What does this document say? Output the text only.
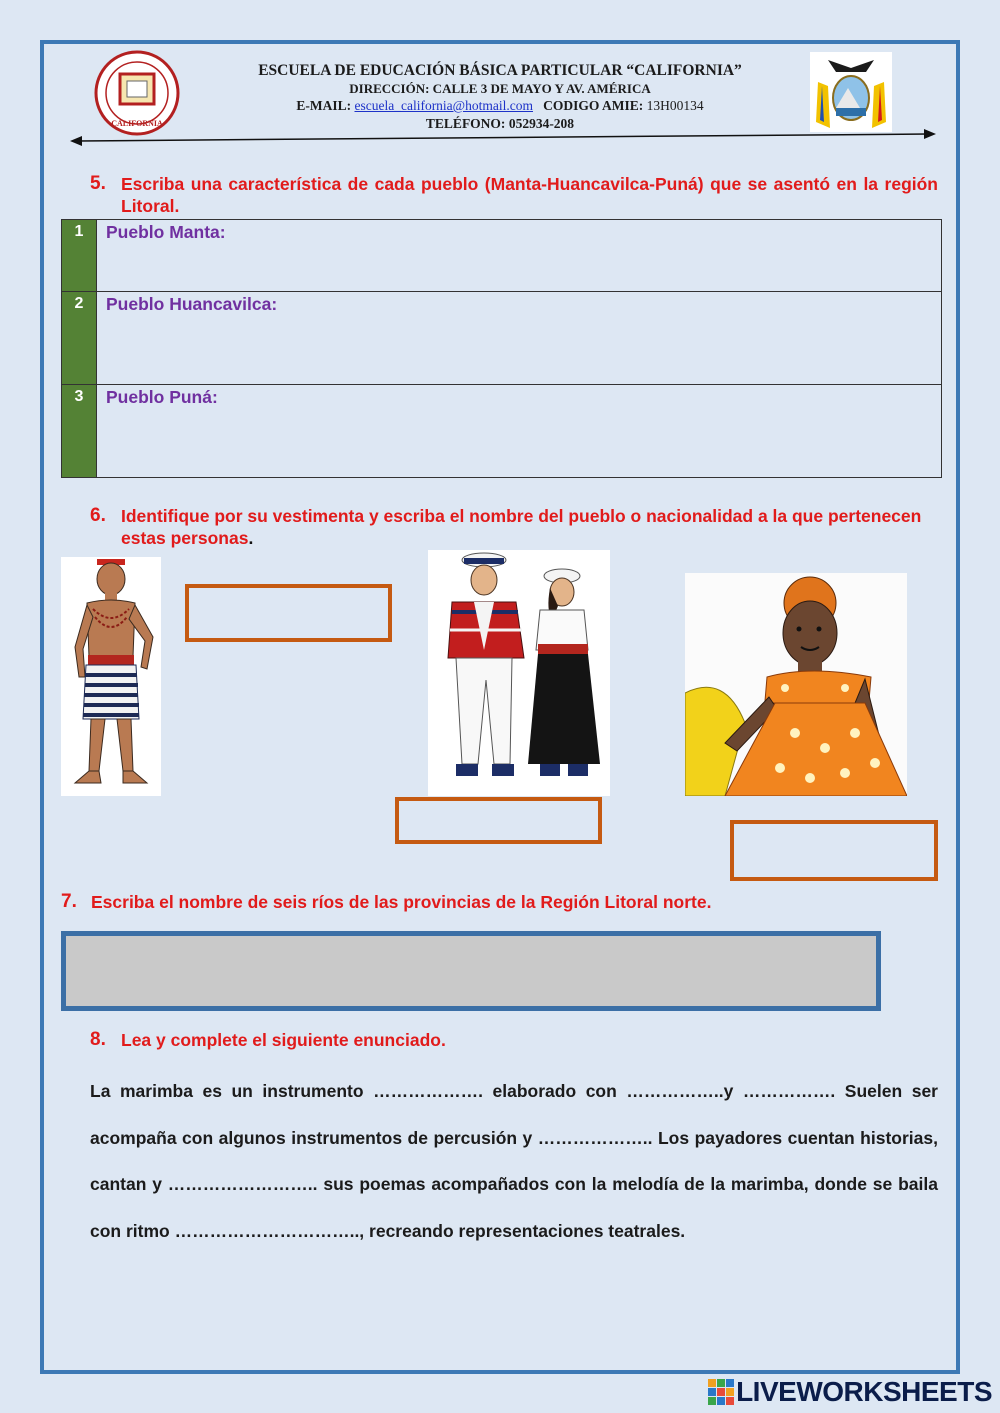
CALIFORNIA
ESCUELA DE EDUCACIÓN BÁSICA PARTICULAR “CALIFORNIA”
DIRECCIÓN: CALLE 3 DE MAYO Y AV. AMÉRICA
E-MAIL: escuela_california@hotmail.com CODIGO AMIE: 13H00134
TELÉFONO: 052934-208
5. Escriba una característica de cada pueblo (Manta-Huancavilca-Puná) que se asentó en la región Litoral.
1	Pueblo Manta:
2	Pueblo Huancavilca:
3	Pueblo Puná:
6. Identifique por su vestimenta y escriba el nombre del pueblo o nacionalidad a la que pertenecen estas personas.
7. Escriba el nombre de seis ríos de las provincias de la Región Litoral norte.
8. Lea y complete el siguiente enunciado.
La marimba es un instrumento ………………. elaborado con ……………..y ……………. Suelen ser acompaña con algunos instrumentos de percusión y ……………….. Los payadores cuentan historias, cantan y …………………….. sus poemas acompañados con la melodía de la marimba, donde se baila con ritmo ………………………….., recreando representaciones teatrales.
LIVEWORKSHEETS
